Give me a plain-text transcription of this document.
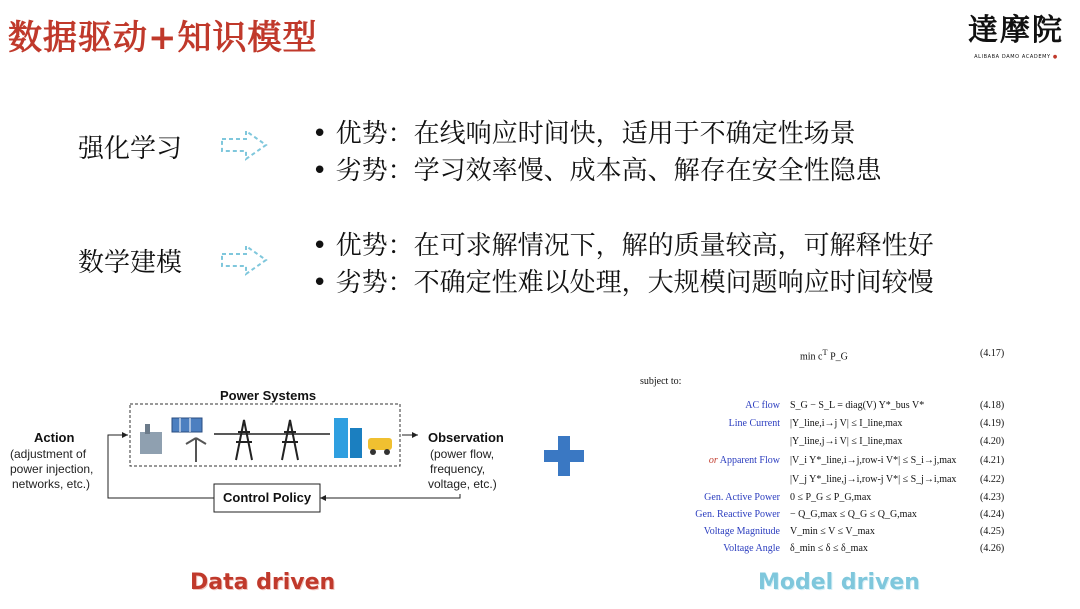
数据驱动+知识模型	達摩院
ALIBABA DAMO ACADEMY ●
强化学习	• 优势：在线响应时间快，适用于不确定性场景
• 劣势：学习效率慢、成本高、解存在安全性隐患
数学建模
• 优势：在可求解情况下，解的质量较高，可解释性好
• 劣势：不确定性难以处理，大规模问题响应时间较慢
Power Systems
Action
(adjustment of
power injection,
networks, etc.)
Observation
(power flow,
frequency,
voltage, etc.)
Control Policy
$\min c^T$ P_G	(4.17)
subject to:
AC flow S_G − S_L = diag(V) Y*_bus V*	(4.18)
Line Current |Y_line,i→j V| ≤ I_line,max	(4.19)
|Y_line,j→i V| ≤ I_line,max	(4.20)
or Apparent Flow |V_i Y*_line,i→j,row-i V*| ≤ S_i→j,max (4.21)
|V_j Y*_line,j→i,row-j V*| ≤ S_j→i,max (4.22)
Gen. Active Power 0 ≤ P_G ≤ P_G,max	(4.23)
Gen. Reactive Power − Q_G,max ≤ Q_G ≤ Q_G,max	(4.24)
Voltage Magnitude V_min ≤ V ≤ V_max	(4.25)
Voltage Angle δ_min ≤ δ ≤ δ_max	(4.26)
Data driven	Model driven
